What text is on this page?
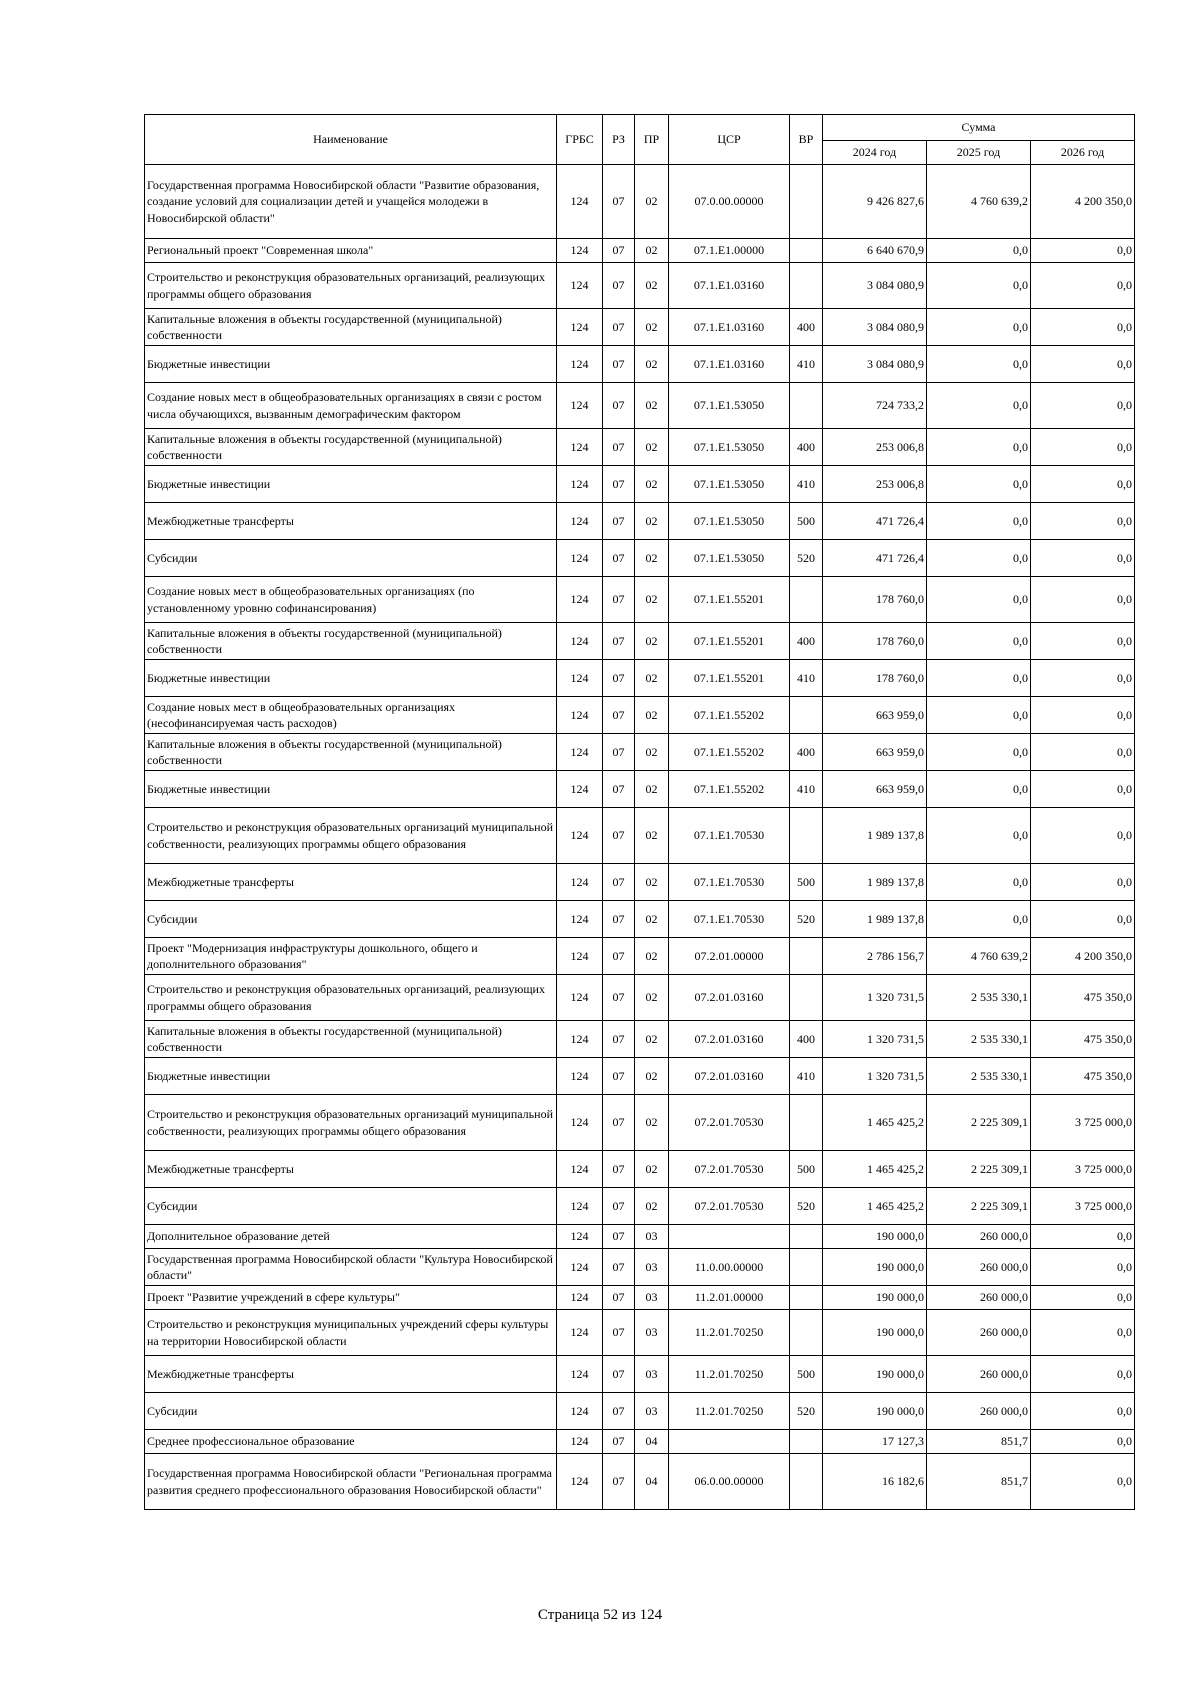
Наименование	ГРБС	РЗ	ПР	ЦСР	ВР	Сумма		
						2024 год	2025 год	2026 год
Государственная программа Новосибирской области "Развитие образования, создание условий для социализации детей и учащейся молодежи в Новосибирской области"	124	07	02	07.0.00.00000		9 426 827,6	4 760 639,2	4 200 350,0
Региональный проект "Современная школа"	124	07	02	07.1.E1.00000		6 640 670,9	0,0	0,0
Строительство и реконструкция образовательных организаций, реализующих программы общего образования	124	07	02	07.1.E1.03160		3 084 080,9	0,0	0,0
Капитальные вложения в объекты государственной (муниципальной) собственности	124	07	02	07.1.E1.03160	400	3 084 080,9	0,0	0,0
Бюджетные инвестиции	124	07	02	07.1.E1.03160	410	3 084 080,9	0,0	0,0
Создание новых мест в общеобразовательных организациях в связи с ростом числа обучающихся, вызванным демографическим фактором	124	07	02	07.1.E1.53050		724 733,2	0,0	0,0
Капитальные вложения в объекты государственной (муниципальной) собственности	124	07	02	07.1.E1.53050	400	253 006,8	0,0	0,0
Бюджетные инвестиции	124	07	02	07.1.E1.53050	410	253 006,8	0,0	0,0
Межбюджетные трансферты	124	07	02	07.1.E1.53050	500	471 726,4	0,0	0,0
Субсидии	124	07	02	07.1.E1.53050	520	471 726,4	0,0	0,0
Создание новых мест в общеобразовательных организациях (по установленному уровню софинансирования)	124	07	02	07.1.E1.55201		178 760,0	0,0	0,0
Капитальные вложения в объекты государственной (муниципальной) собственности	124	07	02	07.1.E1.55201	400	178 760,0	0,0	0,0
Бюджетные инвестиции	124	07	02	07.1.E1.55201	410	178 760,0	0,0	0,0
Создание новых мест в общеобразовательных организациях (несофинансируемая часть расходов)	124	07	02	07.1.E1.55202		663 959,0	0,0	0,0
Капитальные вложения в объекты государственной (муниципальной) собственности	124	07	02	07.1.E1.55202	400	663 959,0	0,0	0,0
Бюджетные инвестиции	124	07	02	07.1.E1.55202	410	663 959,0	0,0	0,0
Строительство и реконструкция образовательных организаций муниципальной собственности, реализующих программы общего образования	124	07	02	07.1.E1.70530		1 989 137,8	0,0	0,0
Межбюджетные трансферты	124	07	02	07.1.E1.70530	500	1 989 137,8	0,0	0,0
Субсидии	124	07	02	07.1.E1.70530	520	1 989 137,8	0,0	0,0
Проект "Модернизация инфраструктуры дошкольного, общего и дополнительного образования"	124	07	02	07.2.01.00000		2 786 156,7	4 760 639,2	4 200 350,0
Строительство и реконструкция образовательных организаций, реализующих программы общего образования	124	07	02	07.2.01.03160		1 320 731,5	2 535 330,1	475 350,0
Капитальные вложения в объекты государственной (муниципальной) собственности	124	07	02	07.2.01.03160	400	1 320 731,5	2 535 330,1	475 350,0
Бюджетные инвестиции	124	07	02	07.2.01.03160	410	1 320 731,5	2 535 330,1	475 350,0
Строительство и реконструкция образовательных организаций муниципальной собственности, реализующих программы общего образования	124	07	02	07.2.01.70530		1 465 425,2	2 225 309,1	3 725 000,0
Межбюджетные трансферты	124	07	02	07.2.01.70530	500	1 465 425,2	2 225 309,1	3 725 000,0
Субсидии	124	07	02	07.2.01.70530	520	1 465 425,2	2 225 309,1	3 725 000,0
Дополнительное образование детей	124	07	03			190 000,0	260 000,0	0,0
Государственная программа Новосибирской области "Культура Новосибирской области"	124	07	03	11.0.00.00000		190 000,0	260 000,0	0,0
Проект "Развитие учреждений в сфере культуры"	124	07	03	11.2.01.00000		190 000,0	260 000,0	0,0
Строительство и реконструкция муниципальных учреждений сферы культуры на территории Новосибирской области	124	07	03	11.2.01.70250		190 000,0	260 000,0	0,0
Межбюджетные трансферты	124	07	03	11.2.01.70250	500	190 000,0	260 000,0	0,0
Субсидии	124	07	03	11.2.01.70250	520	190 000,0	260 000,0	0,0
Среднее профессиональное образование	124	07	04			17 127,3	851,7	0,0
Государственная программа Новосибирской области "Региональная программа развития среднего профессионального образования Новосибирской области"	124	07	04	06.0.00.00000		16 182,6	851,7	0,0
Страница 52 из 124
